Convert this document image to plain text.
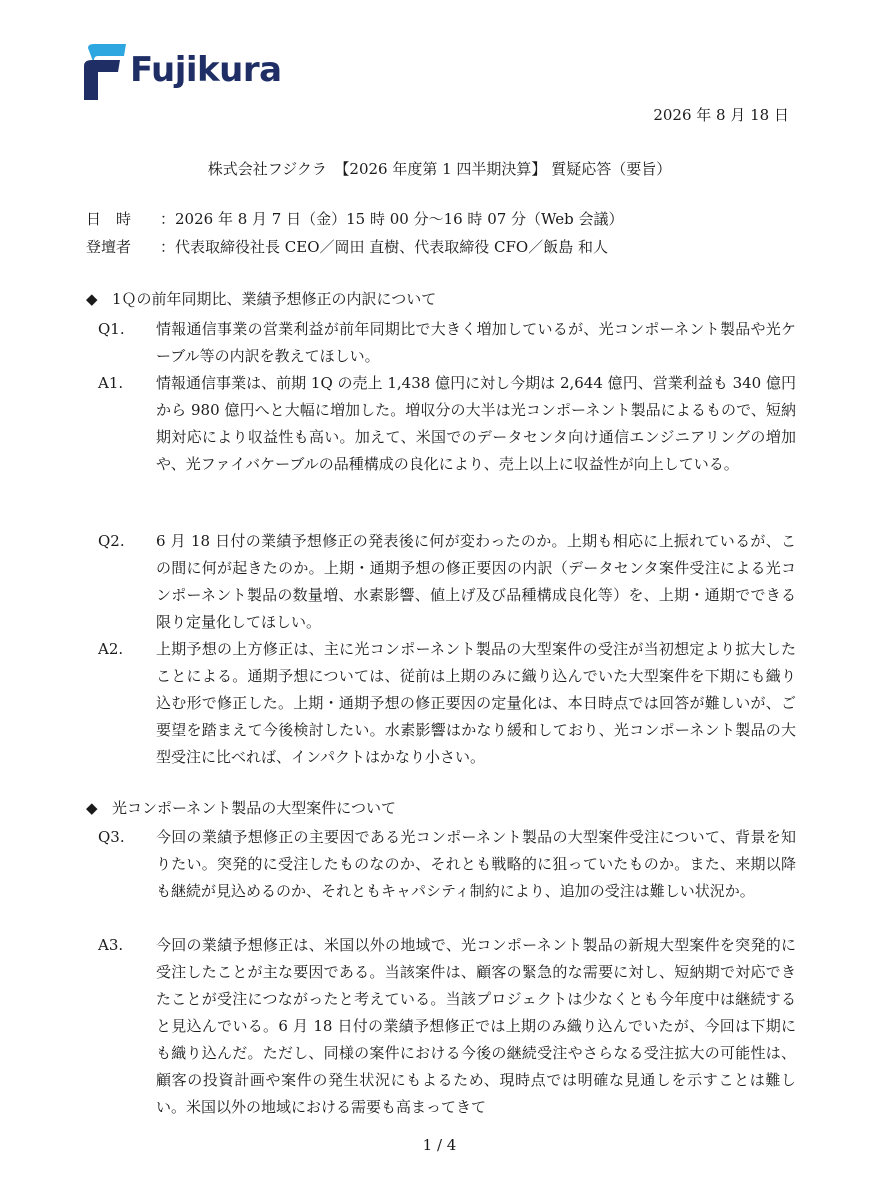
Fujikura
2026 年 8 月 18 日
株式会社フジクラ　【2026 年度第 1 四半期決算】 質疑応答（要旨）
日　時 ：2026 年 8 月 7 日（金）15 時 00 分～16 時 07 分（Web 会議）
登壇者 ：代表取締役社長 CEO／岡田 直樹、代表取締役 CFO／飯島 和人
◆ 1Ｑの前年同期比、業績予想修正の内訳について
Q1. 情報通信事業の営業利益が前年同期比で大きく増加しているが、光コンポーネント製品や光ケーブル等の内訳を教えてほしい。
A1. 情報通信事業は、前期 1Q の売上 1,438 億円に対し今期は 2,644 億円、営業利益も 340 億円から 980 億円へと大幅に増加した。増収分の大半は光コンポーネント製品によるもので、短納期対応により収益性も高い。加えて、米国でのデータセンタ向け通信エンジニアリングの増加や、光ファイバケーブルの品種構成の良化により、売上以上に収益性が向上している。
Q2. 6 月 18 日付の業績予想修正の発表後に何が変わったのか。上期も相応に上振れているが、この間に何が起きたのか。上期・通期予想の修正要因の内訳（データセンタ案件受注による光コンポーネント製品の数量増、水素影響、値上げ及び品種構成良化等）を、上期・通期でできる限り定量化してほしい。
A2. 上期予想の上方修正は、主に光コンポーネント製品の大型案件の受注が当初想定より拡大したことによる。通期予想については、従前は上期のみに織り込んでいた大型案件を下期にも織り込む形で修正した。上期・通期予想の修正要因の定量化は、本日時点では回答が難しいが、ご要望を踏まえて今後検討したい。水素影響はかなり緩和しており、光コンポーネント製品の大型受注に比べれば、インパクトはかなり小さい。
◆ 光コンポーネント製品の大型案件について
Q3. 今回の業績予想修正の主要因である光コンポーネント製品の大型案件受注について、背景を知りたい。突発的に受注したものなのか、それとも戦略的に狙っていたものか。また、来期以降も継続が見込めるのか、それともキャパシティ制約により、追加の受注は難しい状況か。
A3. 今回の業績予想修正は、米国以外の地域で、光コンポーネント製品の新規大型案件を突発的に受注したことが主な要因である。当該案件は、顧客の緊急的な需要に対し、短納期で対応できたことが受注につながったと考えている。当該プロジェクトは少なくとも今年度中は継続すると見込んでいる。6 月 18 日付の業績予想修正では上期のみ織り込んでいたが、今回は下期にも織り込んだ。ただし、同様の案件における今後の継続受注やさらなる受注拡大の可能性は、顧客の投資計画や案件の発生状況にもよるため、現時点では明確な見通しを示すことは難しい。米国以外の地域における需要も高まってきて
1 / 4
